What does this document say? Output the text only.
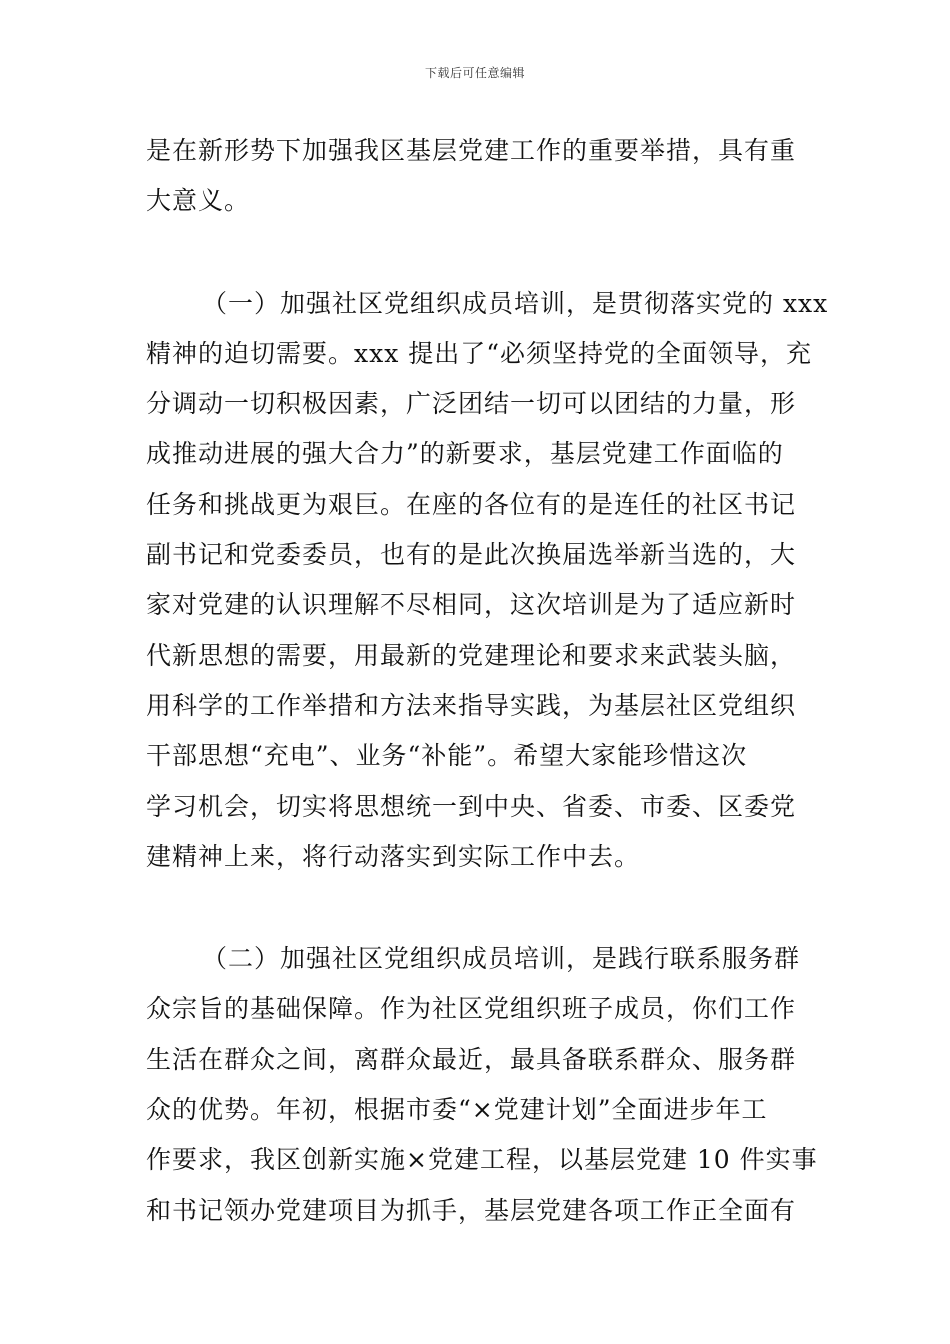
下载后可任意编辑

是在新形势下加强我区基层党建工作的重要举措，具有重
大意义。

（一）加强社区党组织成员培训，是贯彻落实党的 xxx
精神的迫切需要。xxx 提出了“必须坚持党的全面领导，充
分调动一切积极因素，广泛团结一切可以团结的力量，形
成推动进展的强大合力”的新要求，基层党建工作面临的
任务和挑战更为艰巨。在座的各位有的是连任的社区书记
副书记和党委委员，也有的是此次换届选举新当选的，大
家对党建的认识理解不尽相同，这次培训是为了适应新时
代新思想的需要，用最新的党建理论和要求来武装头脑，
用科学的工作举措和方法来指导实践，为基层社区党组织
干部思想“充电”、业务“补能”。希望大家能珍惜这次
学习机会，切实将思想统一到中央、省委、市委、区委党
建精神上来，将行动落实到实际工作中去。

（二）加强社区党组织成员培训，是践行联系服务群
众宗旨的基础保障。作为社区党组织班子成员，你们工作
生活在群众之间，离群众最近，最具备联系群众、服务群
众的优势。年初，根据市委“×党建计划”全面进步年工
作要求，我区创新实施×党建工程，以基层党建 10 件实事
和书记领办党建项目为抓手，基层党建各项工作正全面有
